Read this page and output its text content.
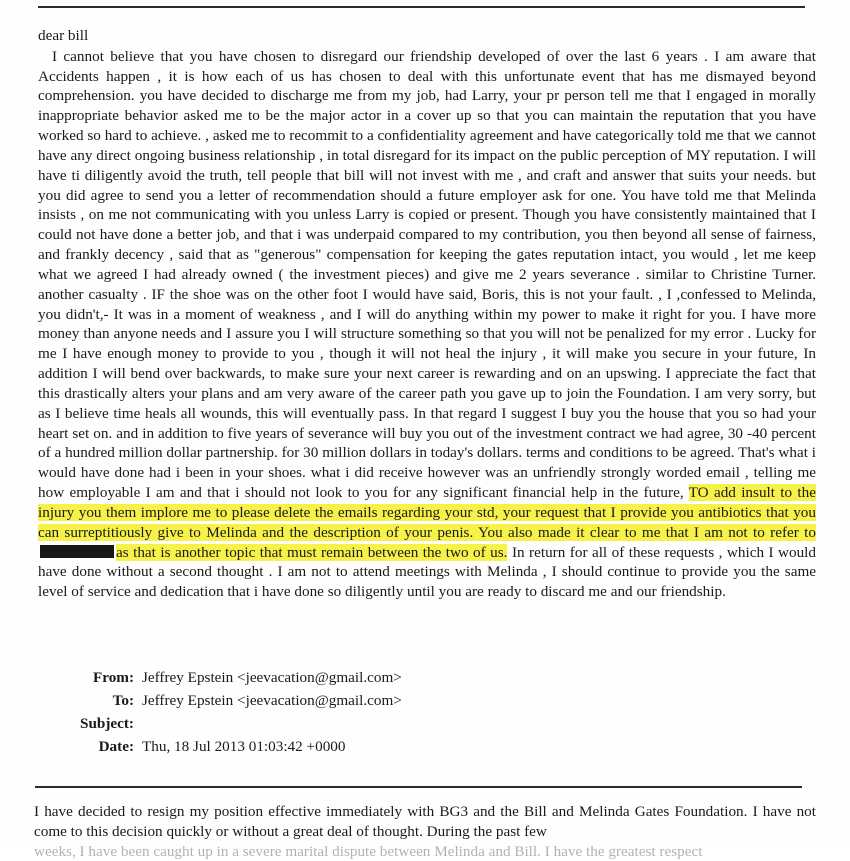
dear bill

I cannot believe that you have chosen to disregard our friendship developed of over the last 6 years . I am aware that Accidents happen , it is how each of us has chosen to deal with this unfortunate event that has me dismayed beyond comprehension. you have decided to discharge me from my job, had Larry, your pr person tell me that I engaged in morally inappropriate behavior asked me to be the major actor in a cover up so that you can maintain the reputation that you have worked so hard to achieve. , asked me to recommit to a confidentiality agreement and have categorically told me that we cannot have any direct ongoing business relationship , in total disregard for its impact on the public perception of MY reputation. I will have ti diligently avoid the truth, tell people that bill will not invest with me , and craft and answer that suits your needs. but you did agree to send you a letter of recommendation should a future employer ask for one. You have told me that Melinda insists , on me not communicating with you unless Larry is copied or present. Though you have consistently maintained that I could not have done a better job, and that i was underpaid compared to my contribution, you then beyond all sense of fairness, and frankly decency , said that as "generous" compensation for keeping the gates reputation intact, you would , let me keep what we agreed I had already owned ( the investment pieces) and give me 2 years severance . similar to Christine Turner. another casualty . IF the shoe was on the other foot I would have said, Boris, this is not your fault. , I ,confessed to Melinda, you didn't,- It was in a moment of weakness , and I will do anything within my power to make it right for you. I have more money than anyone needs and I assure you I will structure something so that you will not be penalized for my error . Lucky for me I have enough money to provide to you , though it will not heal the injury , it will make you secure in your future, In addition I will bend over backwards, to make sure your next career is rewarding and on an upswing. I appreciate the fact that this drastically alters your plans and am very aware of the career path you gave up to join the Foundation. I am very sorry, but as I believe time heals all wounds, this will eventually pass. In that regard I suggest I buy you the house that you so had your heart set on. and in addition to five years of severance will buy you out of the investment contract we had agree, 30 -40 percent of a hundred million dollar partnership. for 30 million dollars in today's dollars. terms and conditions to be agreed. That's what i would have done had i been in your shoes. what i did receive however was an unfriendly strongly worded email , telling me how employable I am and that i should not look to you for any significant financial help in the future, TO add insult to the injury you them implore me to please delete the emails regarding your std, your request that I provide you antibiotics that you can surreptitiously give to Melinda and the description of your penis. You also made it clear to me that I am not to refer toas that is another topic that must remain between the two of us. In return for all of these requests , which I would have done without a second thought . I am not to attend meetings with Melinda , I should continue to provide you the same level of service and dedication that i have done so diligently until you are ready to discard me and our friendship.

From: Jeffrey Epstein <jeevacation@gmail.com>
To: Jeffrey Epstein <jeevacation@gmail.com>
Subject:
Date: Thu, 18 Jul 2013 01:03:42 +0000

I have decided to resign my position effective immediately with BG3 and the Bill and Melinda Gates Foundation. I have not come to this decision quickly or without a great deal of thought. During the past few

weeks, I have been caught up in a severe marital dispute between Melinda and Bill. I have the greatest respect
